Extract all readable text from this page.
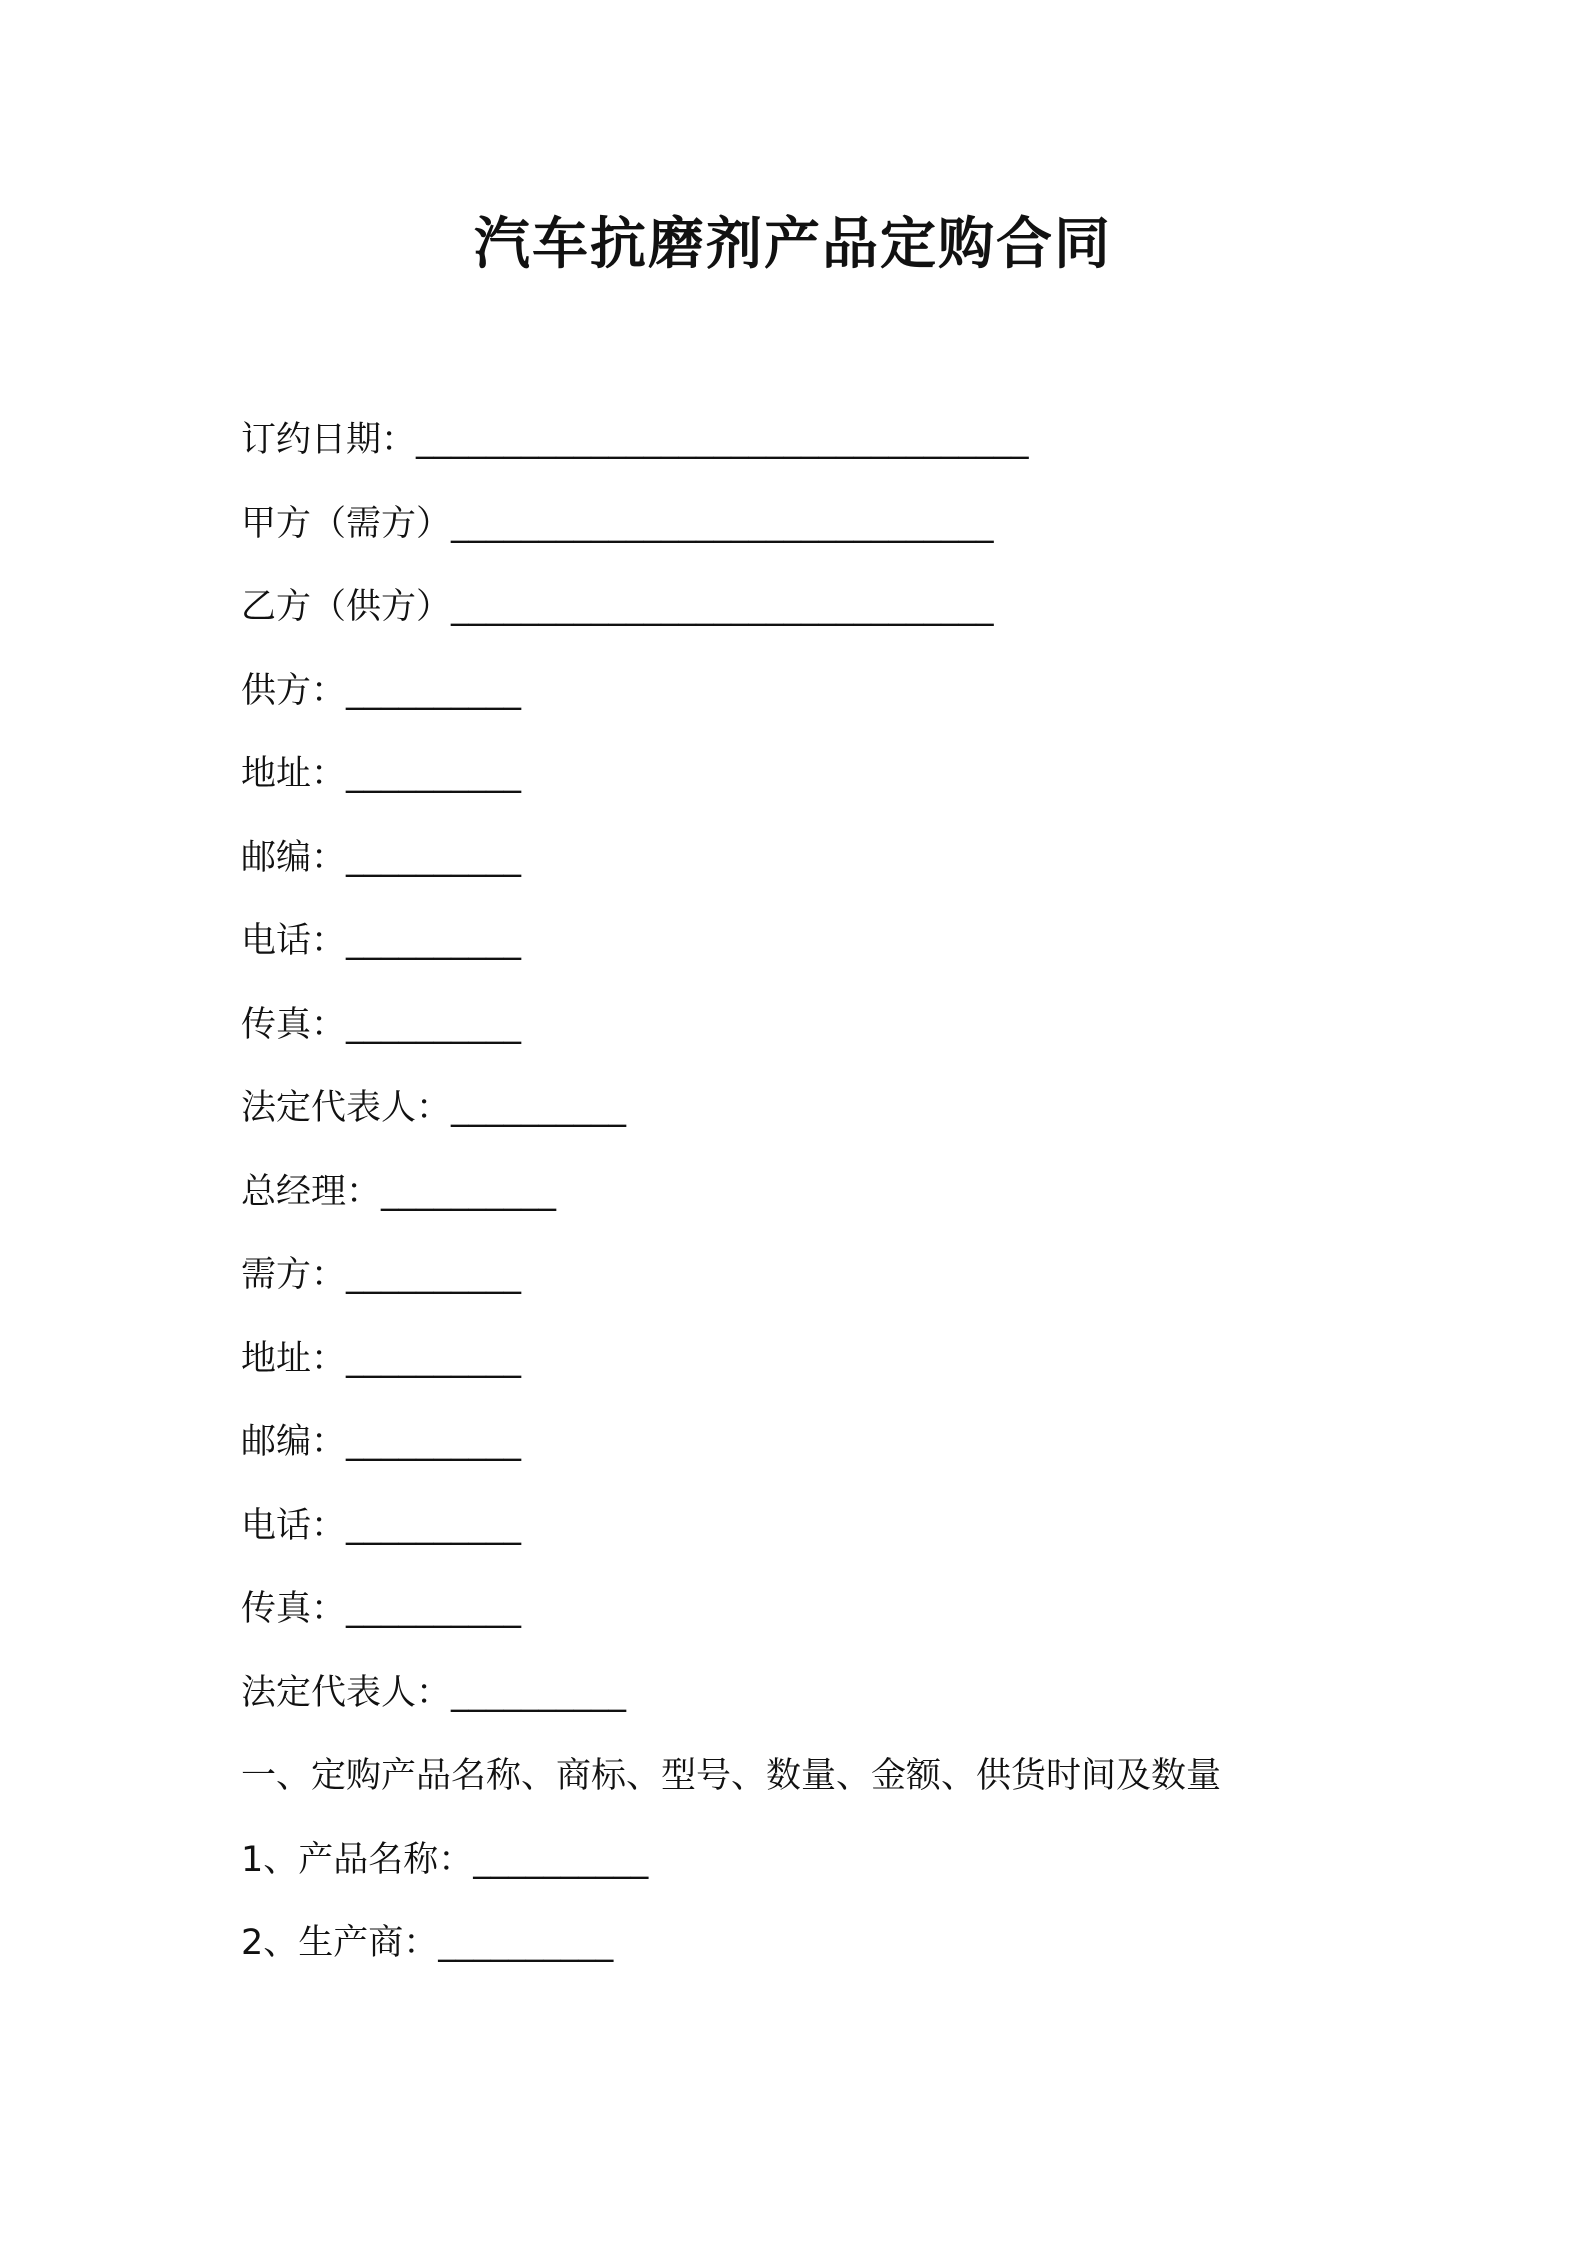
汽车抗磨剂产品定购合同
订约日期：___________________________________
甲方（需方）_______________________________
乙方（供方）_______________________________
供方：__________
地址：__________
邮编：__________
电话：__________
传真：__________
法定代表人：__________
总经理：__________
需方：__________
地址：__________
邮编：__________
电话：__________
传真：__________
法定代表人：__________
一、定购产品名称、商标、型号、数量、金额、供货时间及数量
1、产品名称：__________
2、生产商：__________
